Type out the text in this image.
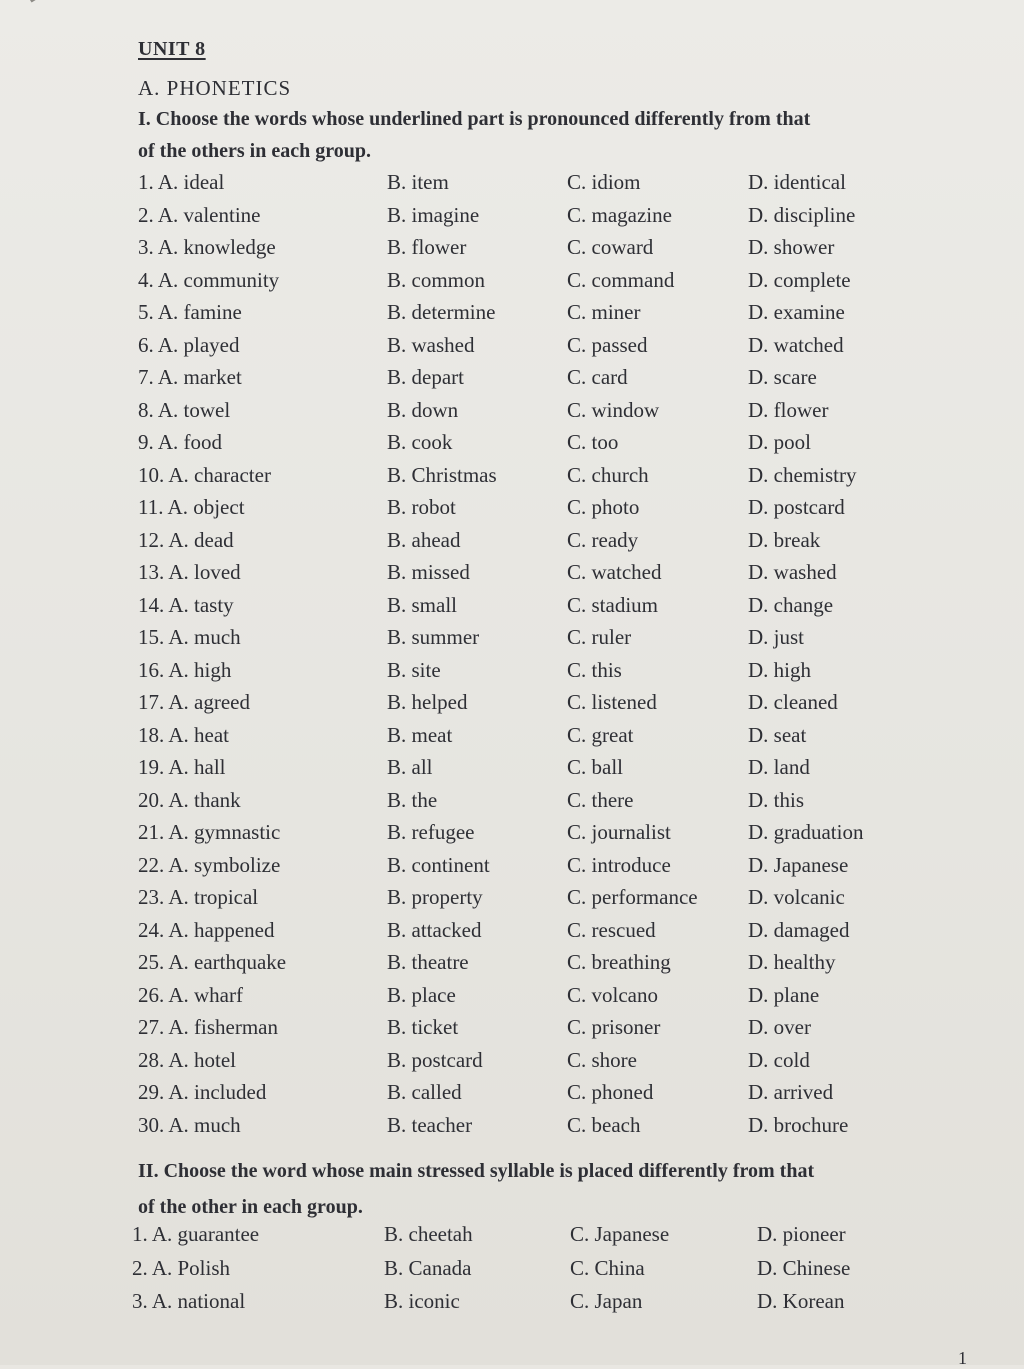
UNIT 8
A. PHONETICS
I. Choose the words whose underlined part is pronounced differently from that
of the others in each group.
1. A. ideal	B. item	C. idiom	D. identical
2. A. valentine	B. imagine	C. magazine	D. discipline
3. A. knowledge	B. flower	C. coward	D. shower
4. A. community	B. common	C. command	D. complete
5. A. famine	B. determine	C. miner	D. examine
6. A. played	B. washed	C. passed	D. watched
7. A. market	B. depart	C. card	D. scare
8. A. towel	B. down	C. window	D. flower
9. A. food	B. cook	C. too	D. pool
10. A. character	B. Christmas	C. church	D. chemistry
11. A. object	B. robot	C. photo	D. postcard
12. A. dead	B. ahead	C. ready	D. break
13. A. loved	B. missed	C. watched	D. washed
14. A. tasty	B. small	C. stadium	D. change
15. A. much	B. summer	C. ruler	D. just
16. A. high	B. site	C. this	D. high
17. A. agreed	B. helped	C. listened	D. cleaned
18. A. heat	B. meat	C. great	D. seat
19. A. hall	B. all	C. ball	D. land
20. A. thank	B. the	C. there	D. this
21. A. gymnastic	B. refugee	C. journalist	D. graduation
22. A. symbolize	B. continent	C. introduce	D. Japanese
23. A. tropical	B. property	C. performance D. volcanic
24. A. happened	B. attacked	C. rescued	D. damaged
25. A. earthquake	B. theatre	C. breathing	D. healthy
26. A. wharf	B. place	C. volcano	D. plane
27. A. fisherman	B. ticket	C. prisoner	D. over
28. A. hotel	B. postcard	C. shore	D. cold
29. A. included	B. called	C. phoned	D. arrived
30. A. much	B. teacher	C. beach	D. brochure
II. Choose the word whose main stressed syllable is placed differently from that
of the other in each group.
1. A. guarantee	B. cheetah	C. Japanese	D. pioneer
2. A. Polish	B. Canada	C. China	D. Chinese
3. A. national	B. iconic	C. Japan	D. Korean
1
